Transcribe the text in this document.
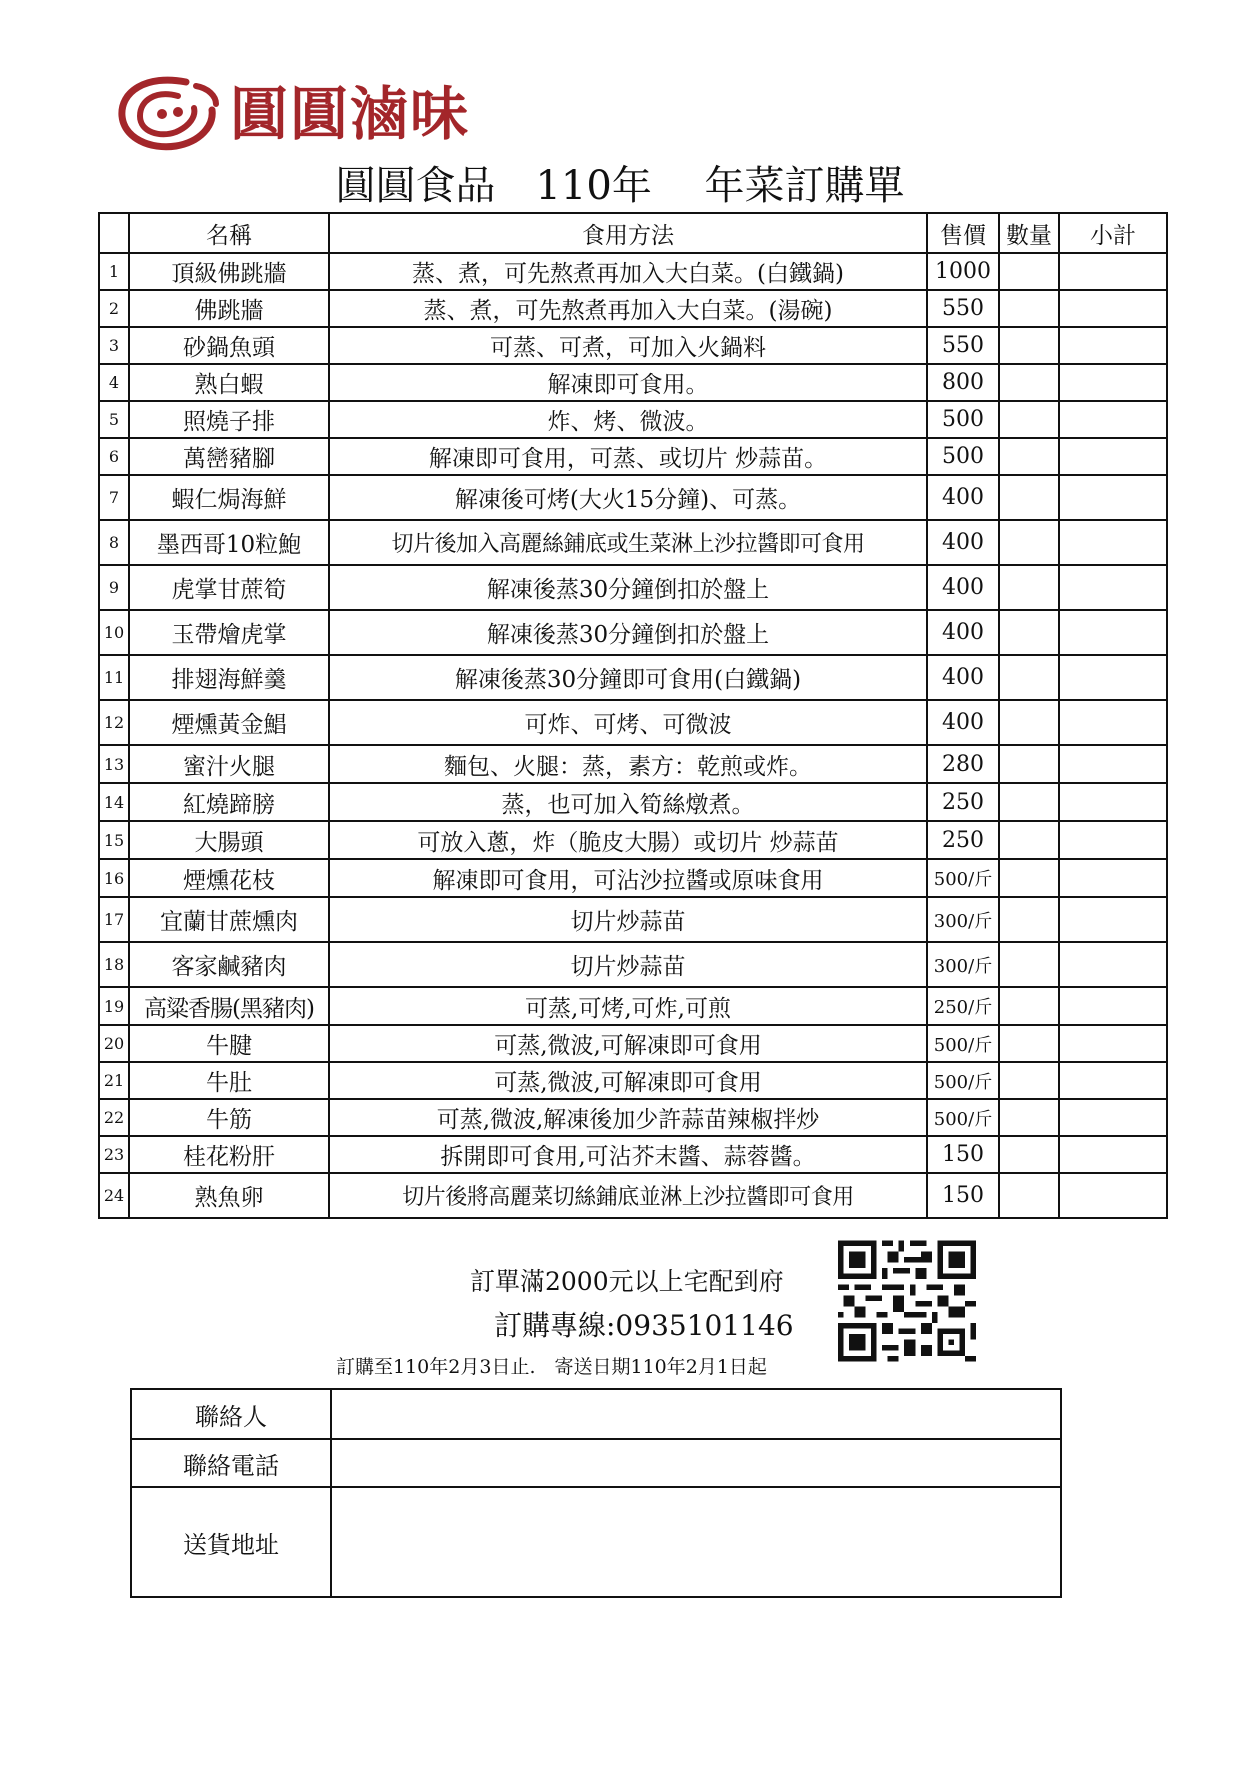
圓圓滷味
圓圓食品　110年　 年菜訂購單
	名稱	食用方法	售價	數量	小計
1	頂級佛跳牆	蒸、煮，可先熬煮再加入大白菜。(白鐵鍋)	1000		
2	佛跳牆	蒸、煮，可先熬煮再加入大白菜。(湯碗)	550		
3	砂鍋魚頭	可蒸、可煮，可加入火鍋料	550		
4	熟白蝦	解凍即可食用。	800		
5	照燒子排	炸、烤、微波。	500		
6	萬巒豬腳	解凍即可食用，可蒸、或切片 炒蒜苗。	500		
7	蝦仁焗海鮮	解凍後可烤(大火15分鐘)、可蒸。	400		
8	墨西哥10粒鮑	切片後加入高麗絲鋪底或生菜淋上沙拉醬即可食用	400		
9	虎掌甘蔗筍	解凍後蒸30分鐘倒扣於盤上	400		
10	玉帶燴虎掌	解凍後蒸30分鐘倒扣於盤上	400		
11	排翅海鮮羹	解凍後蒸30分鐘即可食用(白鐵鍋)	400		
12	煙燻黃金鯧	可炸、可烤、可微波	400		
13	蜜汁火腿	麵包、火腿：蒸，素方：乾煎或炸。	280		
14	紅燒蹄膀	蒸，也可加入筍絲燉煮。	250		
15	大腸頭	可放入蔥，炸（脆皮大腸）或切片 炒蒜苗	250		
16	煙燻花枝	解凍即可食用，可沾沙拉醬或原味食用	500/斤		
17	宜蘭甘蔗燻肉	切片炒蒜苗	300/斤		
18	客家鹹豬肉	切片炒蒜苗	300/斤		
19	高粱香腸(黑豬肉)	可蒸,可烤,可炸,可煎	250/斤		
20	牛腱	可蒸,微波,可解凍即可食用	500/斤		
21	牛肚	可蒸,微波,可解凍即可食用	500/斤		
22	牛筋	可蒸,微波,解凍後加少許蒜苗辣椒拌炒	500/斤		
23	桂花粉肝	拆開即可食用,可沾芥末醬、蒜蓉醬。	150		
24	熟魚卵	切片後將高麗菜切絲鋪底並淋上沙拉醬即可食用	150		
訂單滿2000元以上宅配到府
訂購專線:0935101146
訂購至110年2月3日止.　寄送日期110年2月1日起
聯絡人	
聯絡電話	
送貨地址	
